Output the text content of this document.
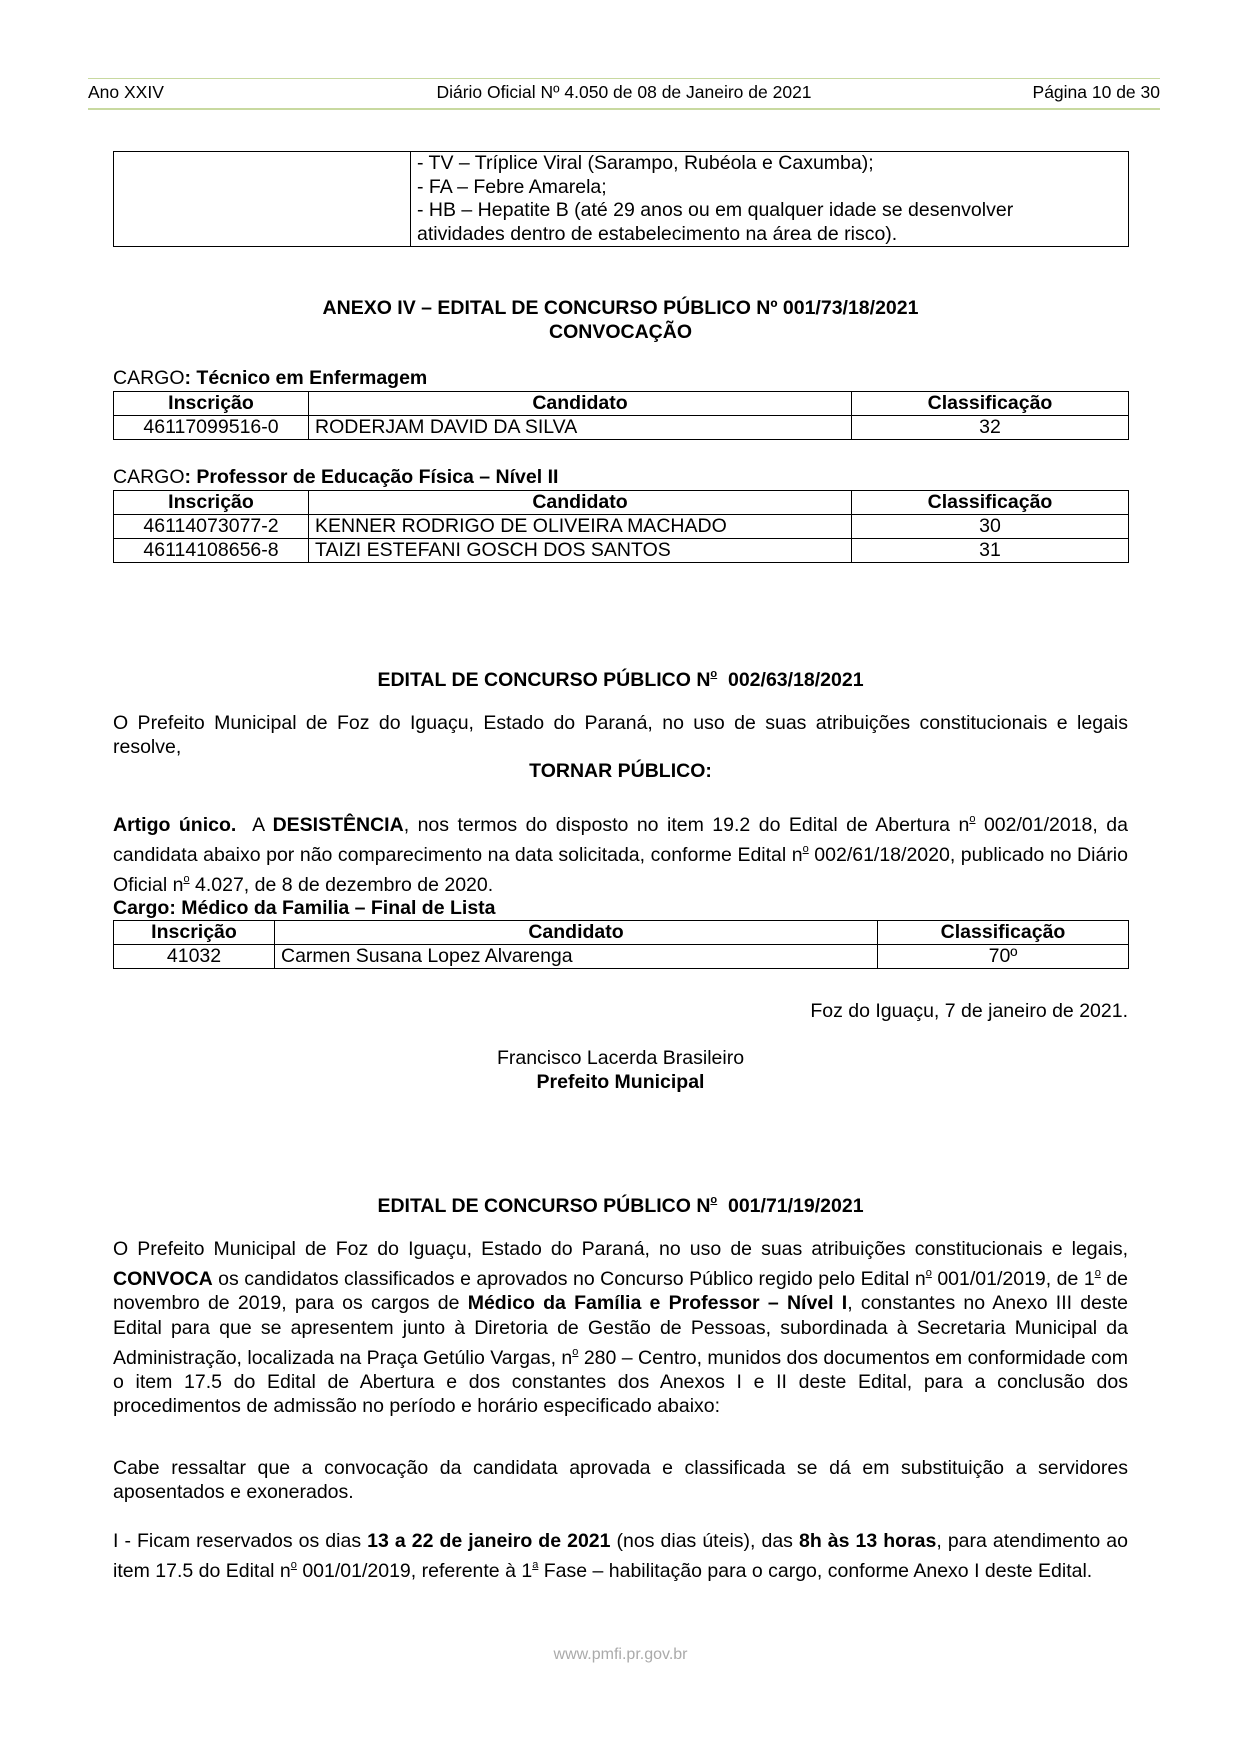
Ano XXIV	Diário Oficial Nº 4.050 de 08 de Janeiro de 2021	Página 10 de 30

- TV – Tríplice Viral (Sarampo, Rubéola e Caxumba);
- FA – Febre Amarela;
- HB – Hepatite B (até 29 anos ou em qualquer idade se desenvolver
atividades dentro de estabelecimento na área de risco).
ANEXO IV – EDITAL DE CONCURSO PÚBLICO Nº 001/73/18/2021
CONVOCAÇÃO
CARGO: Técnico em Enfermagem
Inscrição	Candidato	Classificação
46117099516-0	RODERJAM DAVID DA SILVA	32
CARGO: Professor de Educação Física – Nível II
Inscrição	Candidato	Classificação
46114073077-2	KENNER RODRIGO DE OLIVEIRA MACHADO	30
46114108656-8	TAIZI ESTEFANI GOSCH DOS SANTOS	31
EDITAL DE CONCURSO PÚBLICO $N^o$  002/63/18/2021
O Prefeito Municipal de Foz do Iguaçu, Estado do Paraná, no uso de suas atribuições constitucionais e legais resolve,
TORNAR PÚBLICO:
Artigo único.  A DESISTÊNCIA, nos termos do disposto no item 19.2 do Edital de Abertura $n^o$ 002/01/2018, da candidata abaixo por não comparecimento na data solicitada, conforme Edital $n^o$ 002/61/18/2020, publicado no Diário Oficial $n^o$ 4.027, de 8 de dezembro de 2020.
Cargo: Médico da Familia – Final de Lista
Inscrição	Candidato	Classificação
41032	Carmen Susana Lopez Alvarenga	70º
Foz do Iguaçu, 7 de janeiro de 2021.
Francisco Lacerda Brasileiro
Prefeito Municipal
EDITAL DE CONCURSO PÚBLICO $N^o$  001/71/19/2021
O Prefeito Municipal de Foz do Iguaçu, Estado do Paraná, no uso de suas atribuições constitucionais e legais, CONVOCA os candidatos classificados e aprovados no Concurso Público regido pelo Edital $n^o$ 001/01/2019, de 1$^o$ de novembro de 2019, para os cargos de Médico da Família e Professor – Nível I, constantes no Anexo III deste Edital para que se apresentem junto à Diretoria de Gestão de Pessoas, subordinada à Secretaria Municipal da Administração, localizada na Praça Getúlio Vargas, $n^o$ 280 – Centro, munidos dos documentos em conformidade com o item 17.5 do Edital de Abertura e dos constantes dos Anexos I e II deste Edital, para a conclusão dos procedimentos de admissão no período e horário especificado abaixo:
Cabe ressaltar que a convocação da candidata aprovada e classificada se dá em substituição a servidores aposentados e exonerados.
I - Ficam reservados os dias 13 a 22 de janeiro de 2021 (nos dias úteis), das 8h às 13 horas, para atendimento ao item 17.5 do Edital $n^o$ 001/01/2019, referente à 1$^a$ Fase – habilitação para o cargo, conforme Anexo I deste Edital.
www.pmfi.pr.gov.br
